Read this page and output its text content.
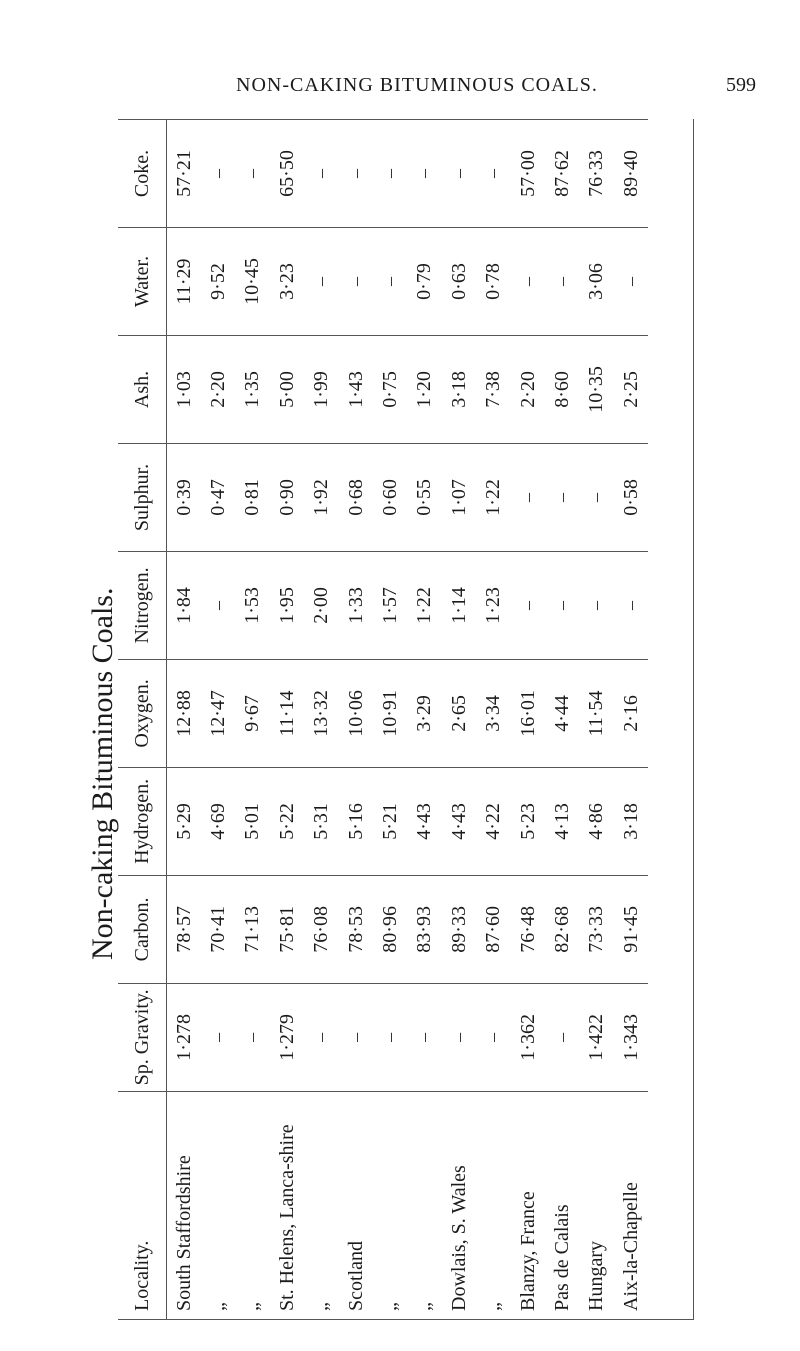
NON-CAKING BITUMINOUS COALS.	599
Non-caking Bituminous Coals.
Locality.
Sp. Gravity.
Carbon.
Hydrogen.
Oxygen.
Nitrogen.
Sulphur.
Ash.
Water.
Coke.
South Staffordshire
1·278
78·57
5·29
12·88
1·84
0·39
1·03
11·29
57·21
„
–
70·41
4·69
12·47
–
0·47
2·20
9·52
–
„
–
71·13
5·01
9·67
1·53
0·81
1·35
10·45
–
St. Helens, Lanca-shire
1·279
75·81
5·22
11·14
1·95
0·90
5·00
3·23
65·50
„
–
76·08
5·31
13·32
2·00
1·92
1·99
–
–
Scotland
–
78·53
5·16
10·06
1·33
0·68
1·43
–
–
„
–
80·96
5·21
10·91
1·57
0·60
0·75
–
–
„
–
83·93
4·43
3·29
1·22
0·55
1·20
0·79
–
Dowlais, S. Wales
–
89·33
4·43
2·65
1·14
1·07
3·18
0·63
–
„
–
87·60
4·22
3·34
1·23
1·22
7·38
0·78
–
Blanzy, France
1·362
76·48
5·23
16·01
–
–
2·20
–
57·00
Pas de Calais
–
82·68
4·13
4·44
–
–
8·60
–
87·62
Hungary
1·422
73·33
4·86
11·54
–
–
10·35
3·06
76·33
Aix-la-Chapelle
1·343
91·45
3·18
2·16
–
0·58
2·25
–
89·40
